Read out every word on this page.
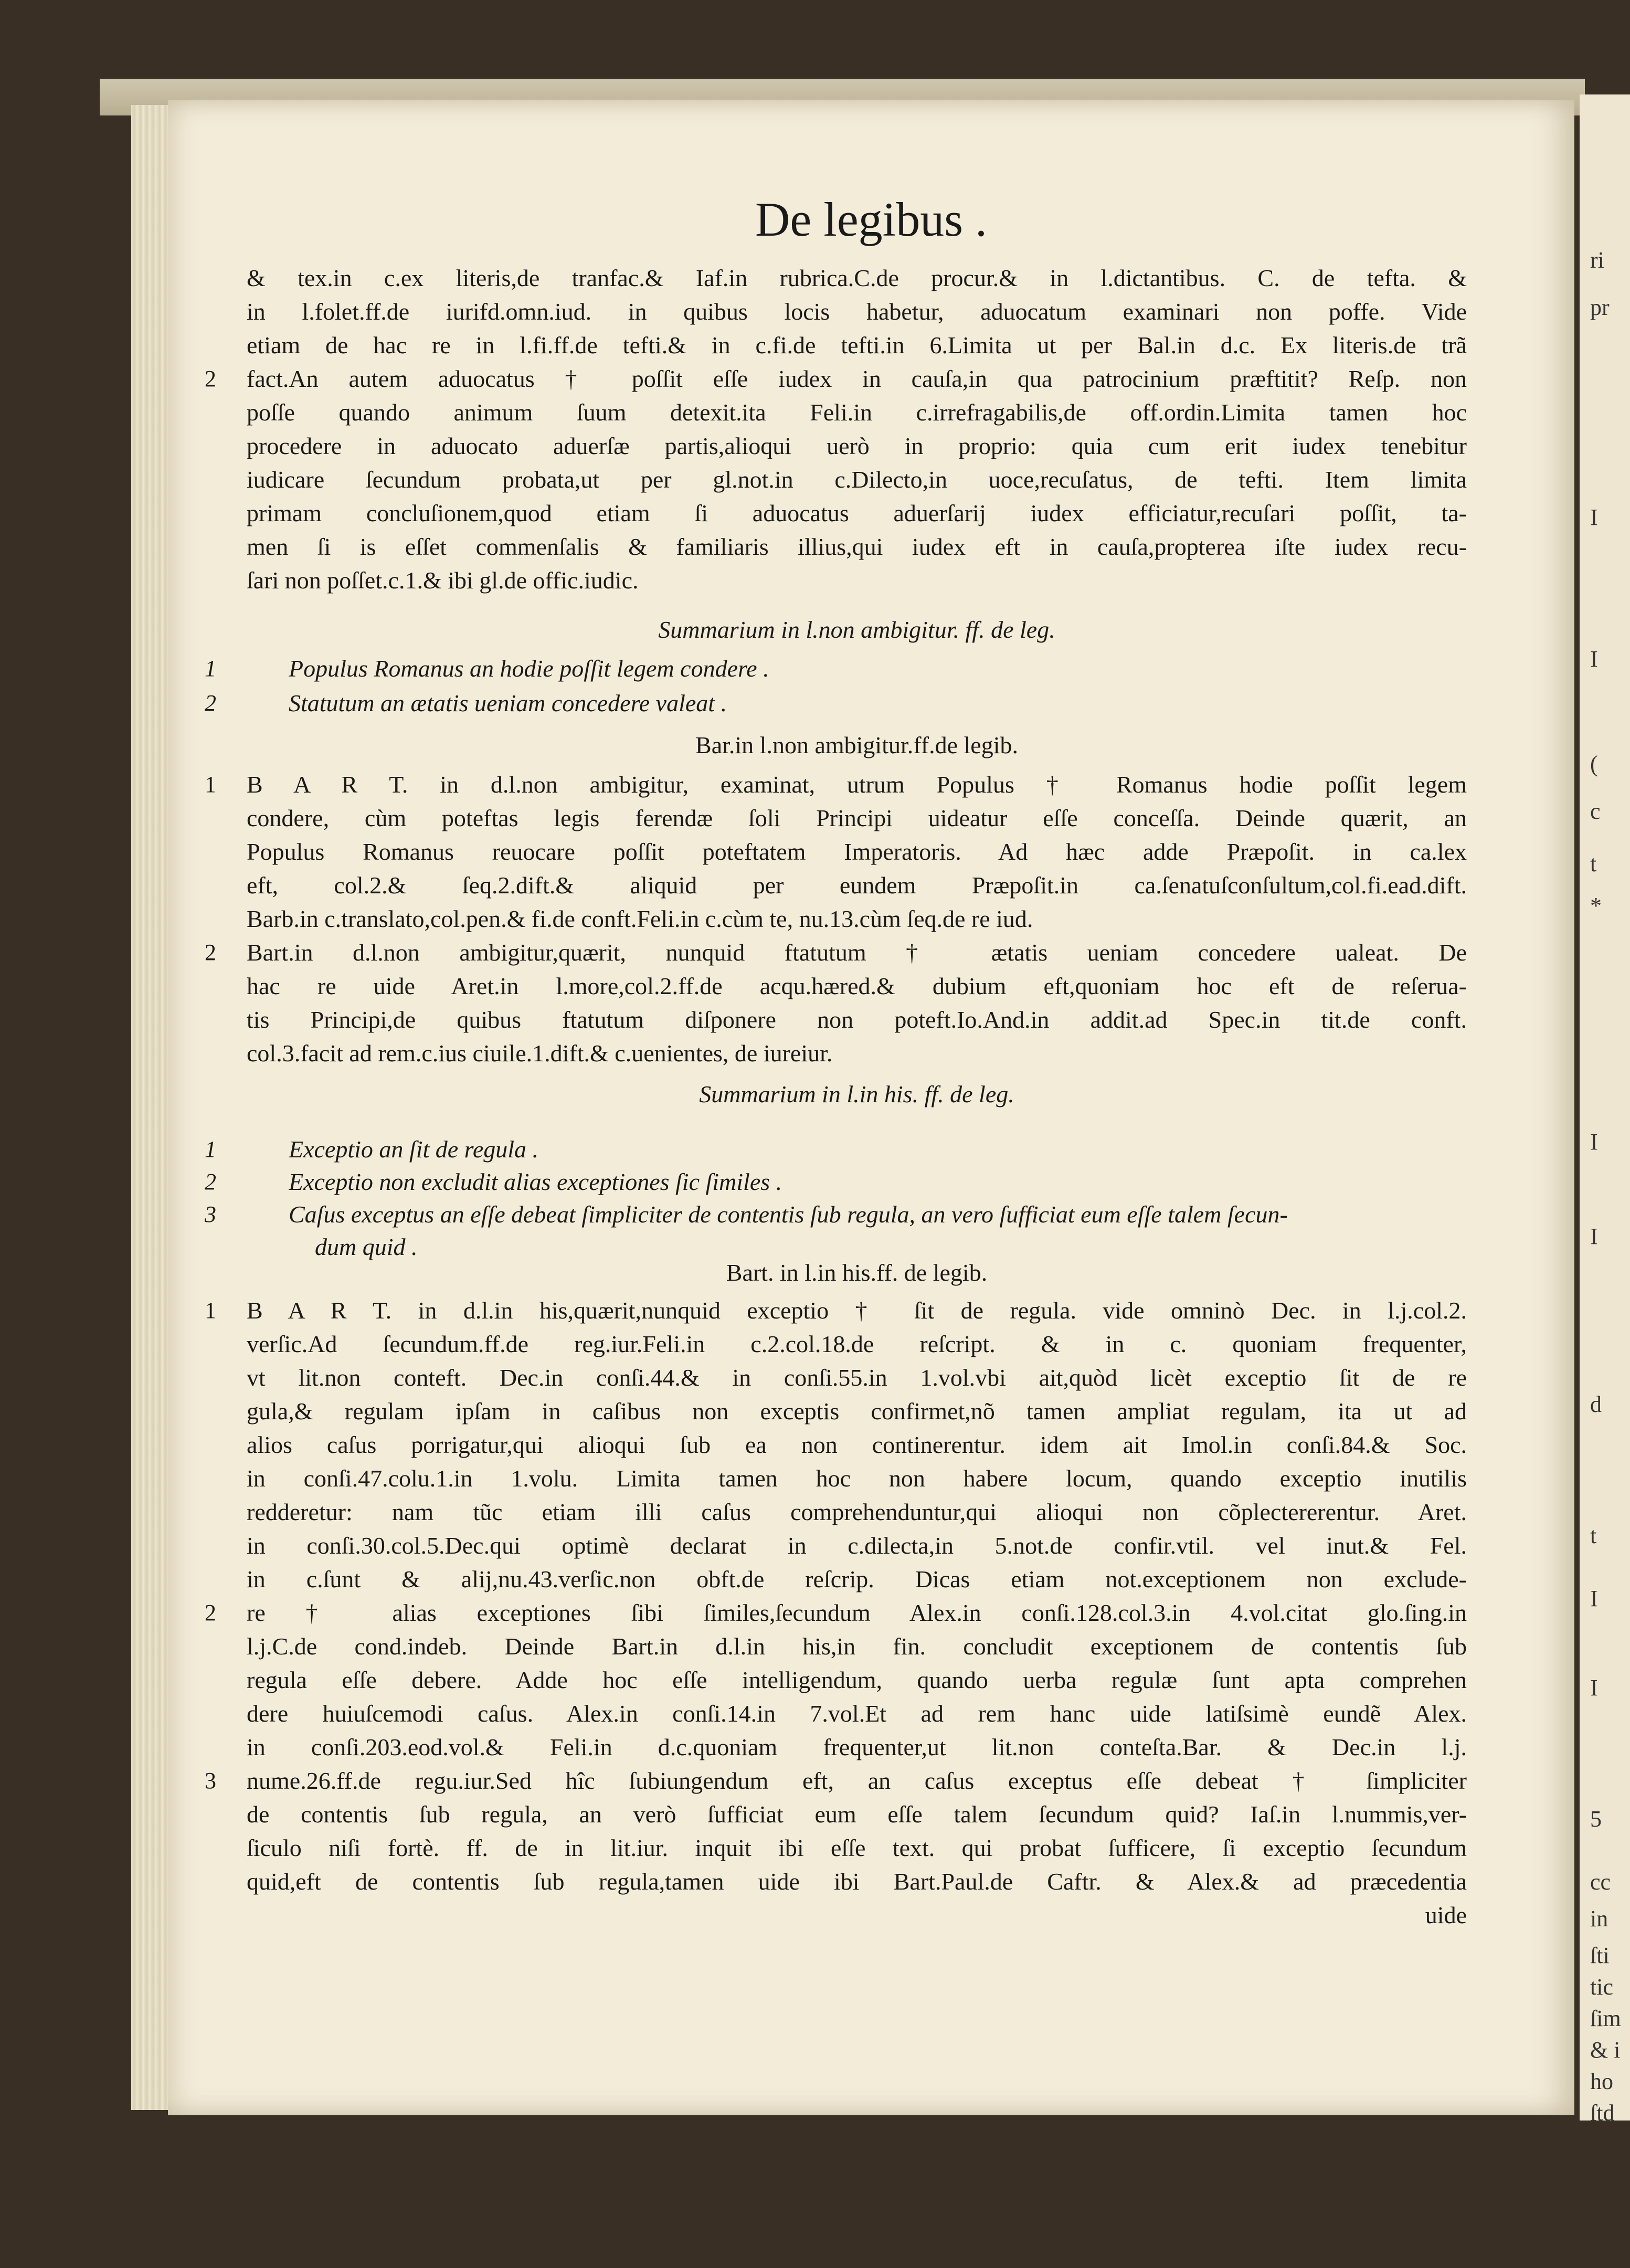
ri
pr
I
I
(
c
t
*
I
I
d
t
I
I
5
cc
in
ſti
tic
ſim
& i
ho
ſtd
De legibus .
& tex.in c.ex literis,de tranfac.& Iaf.in rubrica.C.de procur.& in l.dictantibus. C. de tefta. &
in l.folet.ff.de iurifd.omn.iud. in quibus locis habetur, aduocatum examinari non poffe. Vide
etiam de hac re in l.fi.ff.de tefti.& in c.fi.de tefti.in 6.Limita ut per Bal.in d.c. Ex literis.de trã
fact.An autem aduocatus † poſſit eſſe iudex in cauſa,in qua patrocinium præftitit? Reſp. non
poſſe quando animum ſuum detexit.ita Feli.in c.irrefragabilis,de off.ordin.Limita tamen hoc
procedere in aduocato aduerſæ partis,alioqui uerò in proprio: quia cum erit iudex tenebitur
iudicare ſecundum probata,ut per gl.not.in c.Dilecto,in uoce,recuſatus, de tefti. Item limita
primam concluſionem,quod etiam ſi aduocatus aduerſarij iudex efficiatur,recuſari poſſit, ta-
men ſi is eſſet commenſalis & familiaris illius,qui iudex eft in cauſa,propterea iſte iudex recu-
ſari non poſſet.c.1.& ibi gl.de offic.iudic.
2
Summarium in l.non ambigitur. ff. de leg.
1	Populus Romanus an hodie poſſit legem condere .
2	Statutum an ætatis ueniam concedere valeat .
Bar.in l.non ambigitur.ff.de legib.
1	B A R T. in d.l.non ambigitur, examinat, utrum Populus † Romanus hodie poſſit legem
condere, cùm poteftas legis ferendæ ſoli Principi uideatur eſſe conceſſa. Deinde quærit, an
Populus Romanus reuocare poſſit poteftatem Imperatoris. Ad hæc adde Præpoſit. in ca.lex
eft, col.2.& ſeq.2.dift.& aliquid per eundem Præpoſit.in ca.ſenatuſconſultum,col.fi.ead.dift.
Barb.in c.translato,col.pen.& fi.de conft.Feli.in c.cùm te, nu.13.cùm ſeq.de re iud.
2	Bart.in d.l.non ambigitur,quærit, nunquid ftatutum † ætatis ueniam concedere ualeat. De
hac re uide Aret.in l.more,col.2.ff.de acqu.hæred.& dubium eft,quoniam hoc eft de reſerua-
tis Principi,de quibus ftatutum diſponere non poteft.Io.And.in addit.ad Spec.in tit.de conft.
col.3.facit ad rem.c.ius ciuile.1.dift.& c.uenientes, de iureiur.
Summarium in l.in his. ff. de leg.
1	Exceptio an ſit de regula .
2	Exceptio non excludit alias exceptiones ſic ſimiles .
3	Caſus exceptus an eſſe debeat ſimpliciter de contentis ſub regula, an vero ſufficiat eum eſſe talem ſecun-
dum quid .
Bart. in l.in his.ff. de legib.
1	B A R T. in d.l.in his,quærit,nunquid exceptio † ſit de regula. vide omninò Dec. in l.j.col.2.
verſic.Ad ſecundum.ff.de reg.iur.Feli.in c.2.col.18.de reſcript. & in c. quoniam frequenter,
vt lit.non conteft. Dec.in conſi.44.& in conſi.55.in 1.vol.vbi ait,quòd licèt exceptio ſit de re
gula,& regulam ipſam in caſibus non exceptis confirmet,nõ tamen ampliat regulam, ita ut ad
alios caſus porrigatur,qui alioqui ſub ea non continerentur. idem ait Imol.in conſi.84.& Soc.
in conſi.47.colu.1.in 1.volu. Limita tamen hoc non habere locum, quando exceptio inutilis
redderetur: nam tũc etiam illi caſus comprehenduntur,qui alioqui non cõplectererentur. Aret.
in conſi.30.col.5.Dec.qui optimè declarat in c.dilecta,in 5.not.de confir.vtil. vel inut.& Fel.
in c.ſunt & alij,nu.43.verſic.non obft.de reſcrip. Dicas etiam not.exceptionem non exclude-
2	re † alias exceptiones ſibi ſimiles,ſecundum Alex.in conſi.128.col.3.in 4.vol.citat glo.ſing.in
l.j.C.de cond.indeb. Deinde Bart.in d.l.in his,in fin. concludit exceptionem de contentis ſub
regula eſſe debere. Adde hoc eſſe intelligendum, quando uerba regulæ ſunt apta comprehen
dere huiuſcemodi caſus. Alex.in conſi.14.in 7.vol.Et ad rem hanc uide latiſsimè eundẽ Alex.
in conſi.203.eod.vol.& Feli.in d.c.quoniam frequenter,ut lit.non conteſta.Bar. & Dec.in l.j.
3	nume.26.ff.de regu.iur.Sed hîc ſubiungendum eft, an caſus exceptus eſſe debeat † ſimpliciter
de contentis ſub regula, an verò ſufficiat eum eſſe talem ſecundum quid? Iaſ.in l.nummis,ver-
ſiculo niſi fortè. ff. de in lit.iur. inquit ibi eſſe text. qui probat ſufficere, ſi exceptio ſecundum
quid,eft de contentis ſub regula,tamen uide ibi Bart.Paul.de Caftr. & Alex.& ad præcedentia
uide
